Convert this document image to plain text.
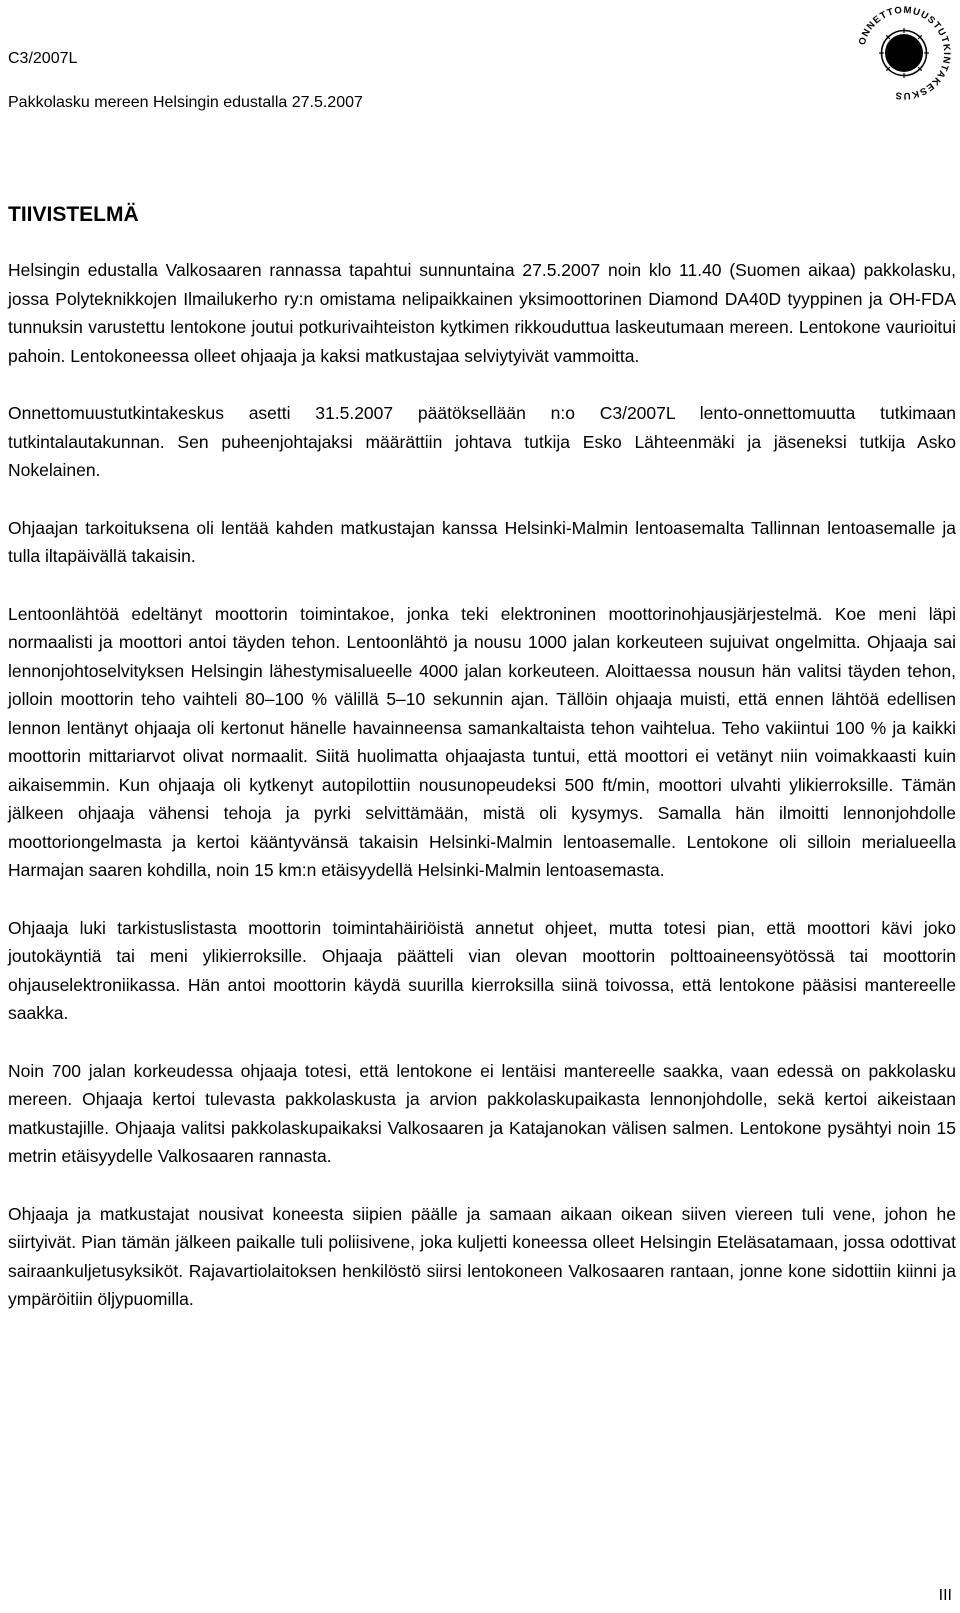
C3/2007L
Pakkolasku mereen Helsingin edustalla 27.5.2007
ONNETTOMUUSTUTKINTAKESKUS
TIIVISTELMÄ

Helsingin edustalla Valkosaaren rannassa tapahtui sunnuntaina 27.5.2007 noin klo 11.40 (Suomen aikaa) pakkolasku, jossa Polyteknikkojen Ilmailukerho ry:n omistama nelipaikkainen yksimoottorinen Diamond DA40D tyyppinen ja OH-FDA tunnuksin varustettu lentokone joutui potkurivaihteiston kytkimen rikkouduttua laskeutumaan mereen. Lentokone vaurioitui pahoin. Lentokoneessa olleet ohjaaja ja kaksi matkustajaa selviytyivät vammoitta.

Onnettomuustutkintakeskus asetti 31.5.2007 päätöksellään n:o C3/2007L lento-onnettomuutta tutkimaan tutkintalautakunnan. Sen puheenjohtajaksi määrättiin johtava tutkija Esko Lähteenmäki ja jäseneksi tutkija Asko Nokelainen.

Ohjaajan tarkoituksena oli lentää kahden matkustajan kanssa Helsinki-Malmin lentoasemalta Tallinnan lentoasemalle ja tulla iltapäivällä takaisin.

Lentoonlähtöä edeltänyt moottorin toimintakoe, jonka teki elektroninen moottorinohjausjärjestelmä. Koe meni läpi normaalisti ja moottori antoi täyden tehon. Lentoonlähtö ja nousu 1000 jalan korkeuteen sujuivat ongelmitta. Ohjaaja sai lennonjohtoselvityksen Helsingin lähestymisalueelle 4000 jalan korkeuteen. Aloittaessa nousun hän valitsi täyden tehon, jolloin moottorin teho vaihteli 80–100 % välillä 5–10 sekunnin ajan. Tällöin ohjaaja muisti, että ennen lähtöä edellisen lennon lentänyt ohjaaja oli kertonut hänelle havainneensa samankaltaista tehon vaihtelua. Teho vakiintui 100 % ja kaikki moottorin mittariarvot olivat normaalit. Siitä huolimatta ohjaajasta tuntui, että moottori ei vetänyt niin voimakkaasti kuin aikaisemmin. Kun ohjaaja oli kytkenyt autopilottiin nousunopeudeksi 500 ft/min, moottori ulvahti ylikierroksille. Tämän jälkeen ohjaaja vähensi tehoja ja pyrki selvittämään, mistä oli kysymys. Samalla hän ilmoitti lennonjohdolle moottoriongelmasta ja kertoi kääntyvänsä takaisin Helsinki-Malmin lentoasemalle. Lentokone oli silloin merialueella Harmajan saaren kohdilla, noin 15 km:n etäisyydellä Helsinki-Malmin lentoasemasta.

Ohjaaja luki tarkistuslistasta moottorin toimintahäiriöistä annetut ohjeet, mutta totesi pian, että moottori kävi joko joutokäyntiä tai meni ylikierroksille. Ohjaaja päätteli vian olevan moottorin polttoaineensyötössä tai moottorin ohjauselektroniikassa. Hän antoi moottorin käydä suurilla kierroksilla siinä toivossa, että lentokone pääsisi mantereelle saakka.

Noin 700 jalan korkeudessa ohjaaja totesi, että lentokone ei lentäisi mantereelle saakka, vaan edessä on pakkolasku mereen. Ohjaaja kertoi tulevasta pakkolaskusta ja arvion pakkolaskupaikasta lennonjohdolle, sekä kertoi aikeistaan matkustajille. Ohjaaja valitsi pakkolaskupaikaksi Valkosaaren ja Katajanokan välisen salmen. Lentokone pysähtyi noin 15 metrin etäisyydelle Valkosaaren rannasta.

Ohjaaja ja matkustajat nousivat koneesta siipien päälle ja samaan aikaan oikean siiven viereen tuli vene, johon he siirtyivät. Pian tämän jälkeen paikalle tuli poliisivene, joka kuljetti koneessa olleet Helsingin Eteläsatamaan, jossa odottivat sairaankuljetusyksiköt. Rajavartiolaitoksen henkilöstö siirsi lentokoneen Valkosaaren rantaan, jonne kone sidottiin kiinni ja ympäröitiin öljypuomilla.

III
